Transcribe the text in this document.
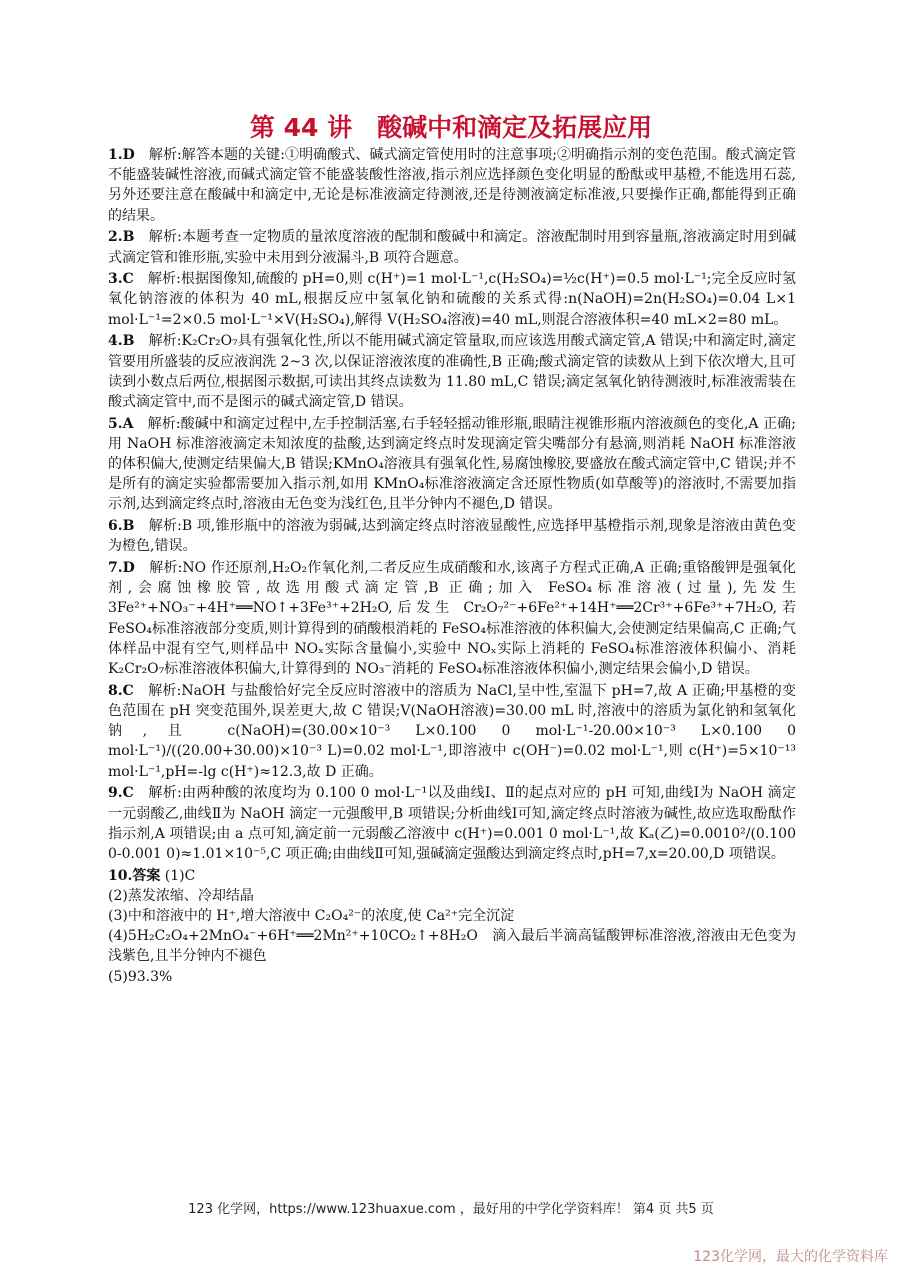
第 44 讲　酸碱中和滴定及拓展应用

1.D　解析:解答本题的关键:①明确酸式、碱式滴定管使用时的注意事项;②明确指示剂的变色范围。酸式滴定管不能盛装碱性溶液,而碱式滴定管不能盛装酸性溶液,指示剂应选择颜色变化明显的酚酞或甲基橙,不能选用石蕊,另外还要注意在酸碱中和滴定中,无论是标准液滴定待测液,还是待测液滴定标准液,只要操作正确,都能得到正确的结果。

2.B　解析:本题考查一定物质的量浓度溶液的配制和酸碱中和滴定。溶液配制时用到容量瓶,溶液滴定时用到碱式滴定管和锥形瓶,实验中未用到分液漏斗,B 项符合题意。

3.C　解析:根据图像知,硫酸的 pH=0,则 c(H⁺)=1 mol·L⁻¹,c(H₂SO₄)=½c(H⁺)=0.5 mol·L⁻¹;完全反应时氢氧化钠溶液的体积为 40 mL,根据反应中氢氧化钠和硫酸的关系式得:n(NaOH)=2n(H₂SO₄)=0.04 L×1 mol·L⁻¹=2×0.5 mol·L⁻¹×V(H₂SO₄),解得 V(H₂SO₄溶液)=40 mL,则混合溶液体积=40 mL×2=80 mL。

4.B　解析:K₂Cr₂O₇具有强氧化性,所以不能用碱式滴定管量取,而应该选用酸式滴定管,A 错误;中和滴定时,滴定管要用所盛装的反应液润洗 2~3 次,以保证溶液浓度的准确性,B 正确;酸式滴定管的读数从上到下依次增大,且可读到小数点后两位,根据图示数据,可读出其终点读数为 11.80 mL,C 错误;滴定氢氧化钠待测液时,标准液需装在酸式滴定管中,而不是图示的碱式滴定管,D 错误。

5.A　解析:酸碱中和滴定过程中,左手控制活塞,右手轻轻摇动锥形瓶,眼睛注视锥形瓶内溶液颜色的变化,A 正确;用 NaOH 标准溶液滴定未知浓度的盐酸,达到滴定终点时发现滴定管尖嘴部分有悬滴,则消耗 NaOH 标准溶液的体积偏大,使测定结果偏大,B 错误;KMnO₄溶液具有强氧化性,易腐蚀橡胶,要盛放在酸式滴定管中,C 错误;并不是所有的滴定实验都需要加入指示剂,如用 KMnO₄标准溶液滴定含还原性物质(如草酸等)的溶液时,不需要加指示剂,达到滴定终点时,溶液由无色变为浅红色,且半分钟内不褪色,D 错误。

6.B　解析:B 项,锥形瓶中的溶液为弱碱,达到滴定终点时溶液显酸性,应选择甲基橙指示剂,现象是溶液由黄色变为橙色,错误。

7.D　解析:NO 作还原剂,H₂O₂作氧化剂,二者反应生成硝酸和水,该离子方程式正确,A 正确;重铬酸钾是强氧化剂,会腐蚀橡胶管,故选用酸式滴定管,B 正确;加入 FeSO₄标准溶液(过量),先发生 3Fe²⁺+NO₃⁻+4H⁺══NO↑+3Fe³⁺+2H₂O,后发生 Cr₂O₇²⁻+6Fe²⁺+14H⁺══2Cr³⁺+6Fe³⁺+7H₂O,若 FeSO₄标准溶液部分变质,则计算得到的硝酸根消耗的 FeSO₄标准溶液的体积偏大,会使测定结果偏高,C 正确;气体样品中混有空气,则样品中 NOₓ实际含量偏小,实验中 NOₓ实际上消耗的 FeSO₄标准溶液体积偏小、消耗 K₂Cr₂O₇标准溶液体积偏大,计算得到的 NO₃⁻消耗的 FeSO₄标准溶液体积偏小,测定结果会偏小,D 错误。

8.C　解析:NaOH 与盐酸恰好完全反应时溶液中的溶质为 NaCl,呈中性,室温下 pH=7,故 A 正确;甲基橙的变色范围在 pH 突变范围外,误差更大,故 C 错误;V(NaOH溶液)=30.00 mL 时,溶液中的溶质为氯化钠和氢氧化钠,且 c(NaOH)=(30.00×10⁻³ L×0.100 0 mol·L⁻¹-20.00×10⁻³ L×0.100 0 mol·L⁻¹)/((20.00+30.00)×10⁻³ L)=0.02 mol·L⁻¹,即溶液中 c(OH⁻)=0.02 mol·L⁻¹,则 c(H⁺)=5×10⁻¹³ mol·L⁻¹,pH=-lg c(H⁺)≈12.3,故 D 正确。

9.C　解析:由两种酸的浓度均为 0.100 0 mol·L⁻¹以及曲线Ⅰ、Ⅱ的起点对应的 pH 可知,曲线Ⅰ为 NaOH 滴定一元弱酸乙,曲线Ⅱ为 NaOH 滴定一元强酸甲,B 项错误;分析曲线Ⅰ可知,滴定终点时溶液为碱性,故应选取酚酞作指示剂,A 项错误;由 a 点可知,滴定前一元弱酸乙溶液中 c(H⁺)=0.001 0 mol·L⁻¹,故 Kₐ(乙)=0.0010²/(0.100 0-0.001 0)≈1.01×10⁻⁵,C 项正确;由曲线Ⅱ可知,强碱滴定强酸达到滴定终点时,pH=7,x=20.00,D 项错误。

10.答案 (1)C

(2)蒸发浓缩、冷却结晶

(3)中和溶液中的 H⁺,增大溶液中 C₂O₄²⁻的浓度,使 Ca²⁺完全沉淀

(4)5H₂C₂O₄+2MnO₄⁻+6H⁺══2Mn²⁺+10CO₂↑+8H₂O　滴入最后半滴高锰酸钾标准溶液,溶液由无色变为浅紫色,且半分钟内不褪色

(5)93.3%

123 化学网，https://www.123huaxue.com ，最好用的中学化学资料库！ 第4 页 共5 页
123化学网，最大的化学资料库
